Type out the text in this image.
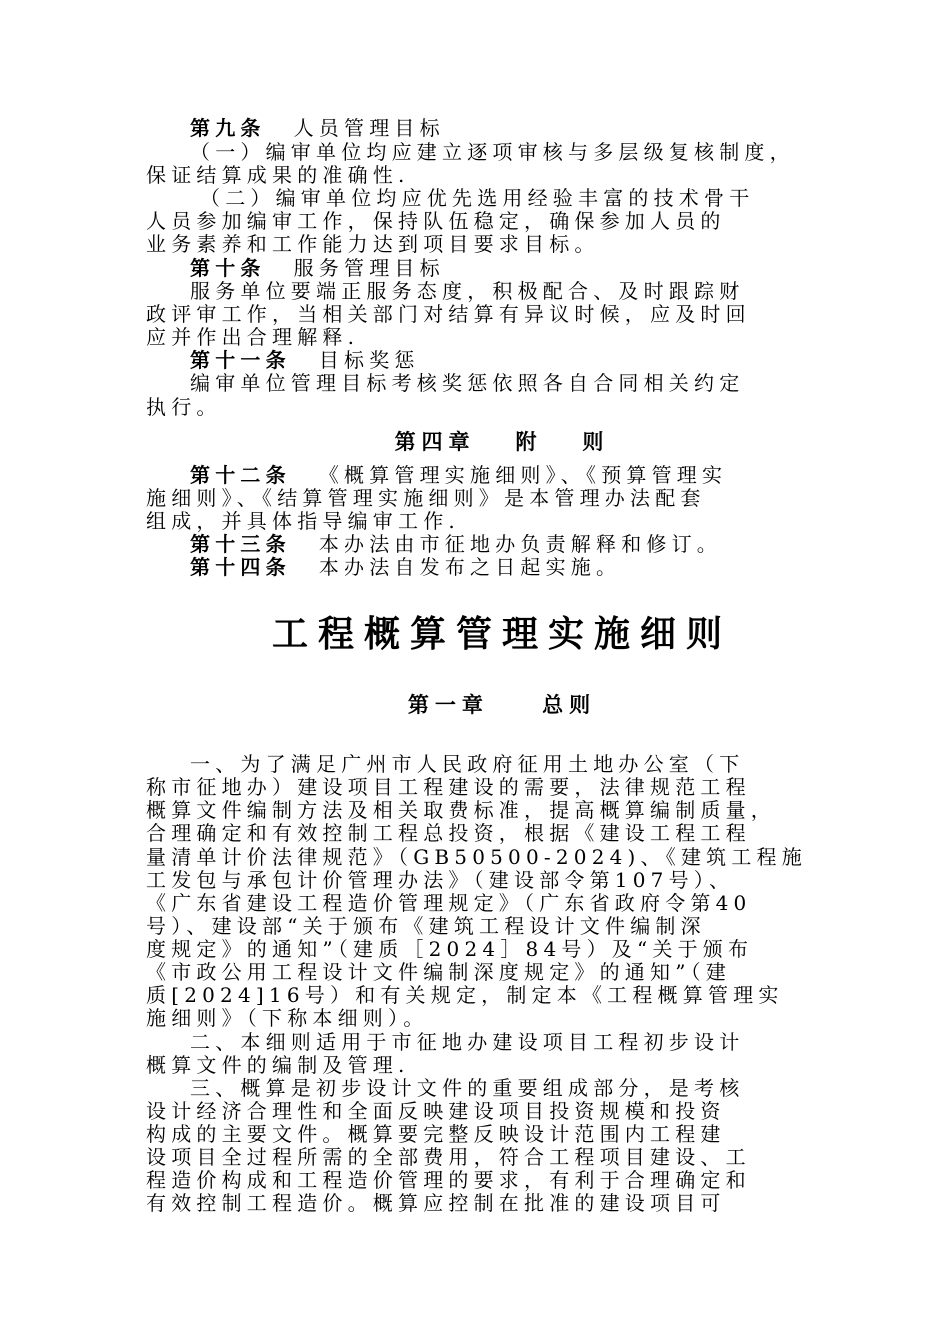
第九条 人员管理目标
（一）编审单位均应建立逐项审核与多层级复核制度，
保证结算成果的准确性.
（二）编审单位均应优先选用经验丰富的技术骨干
人员参加编审工作，保持队伍稳定，确保参加人员的
业务素养和工作能力达到项目要求目标。
第十条 服务管理目标
服务单位要端正服务态度，积极配合、及时跟踪财
政评审工作，当相关部门对结算有异议时候，应及时回
应并作出合理解释.
第十一条 目标奖惩
编审单位管理目标考核奖惩依照各自合同相关约定
执行。
第四章   附   则
第十二条 《概算管理实施细则》、《预算管理实
施细则》、《结算管理实施细则》是本管理办法配套
组成，并具体指导编审工作.
第十三条 本办法由市征地办负责解释和修订。
第十四条 本办法自发布之日起实施。
工程概算管理实施细则
第一章    总则
一、为了满足广州市人民政府征用土地办公室（下
称市征地办）建设项目工程建设的需要，法律规范工程
概算文件编制方法及相关取费标准，提高概算编制质量，
合理确定和有效控制工程总投资，根据《建设工程工程
量清单计价法律规范》（GB50500-2024)、《建筑工程施
工发包与承包计价管理办法》（建设部令第107号）、
《广东省建设工程造价管理规定》（广东省政府令第40
号）、建设部“关于颁布《建筑工程设计文件编制深
度规定》的通知”（建质［2024］84号）及“关于颁布
《市政公用工程设计文件编制深度规定》的通知”（建
质[2024]16号）和有关规定，制定本《工程概算管理实
施细则》（下称本细则）。
二、本细则适用于市征地办建设项目工程初步设计
概算文件的编制及管理.
三、概算是初步设计文件的重要组成部分，是考核
设计经济合理性和全面反映建设项目投资规模和投资
构成的主要文件。概算要完整反映设计范围内工程建
设项目全过程所需的全部费用，符合工程项目建设、工
程造价构成和工程造价管理的要求，有利于合理确定和
有效控制工程造价。概算应控制在批准的建设项目可
